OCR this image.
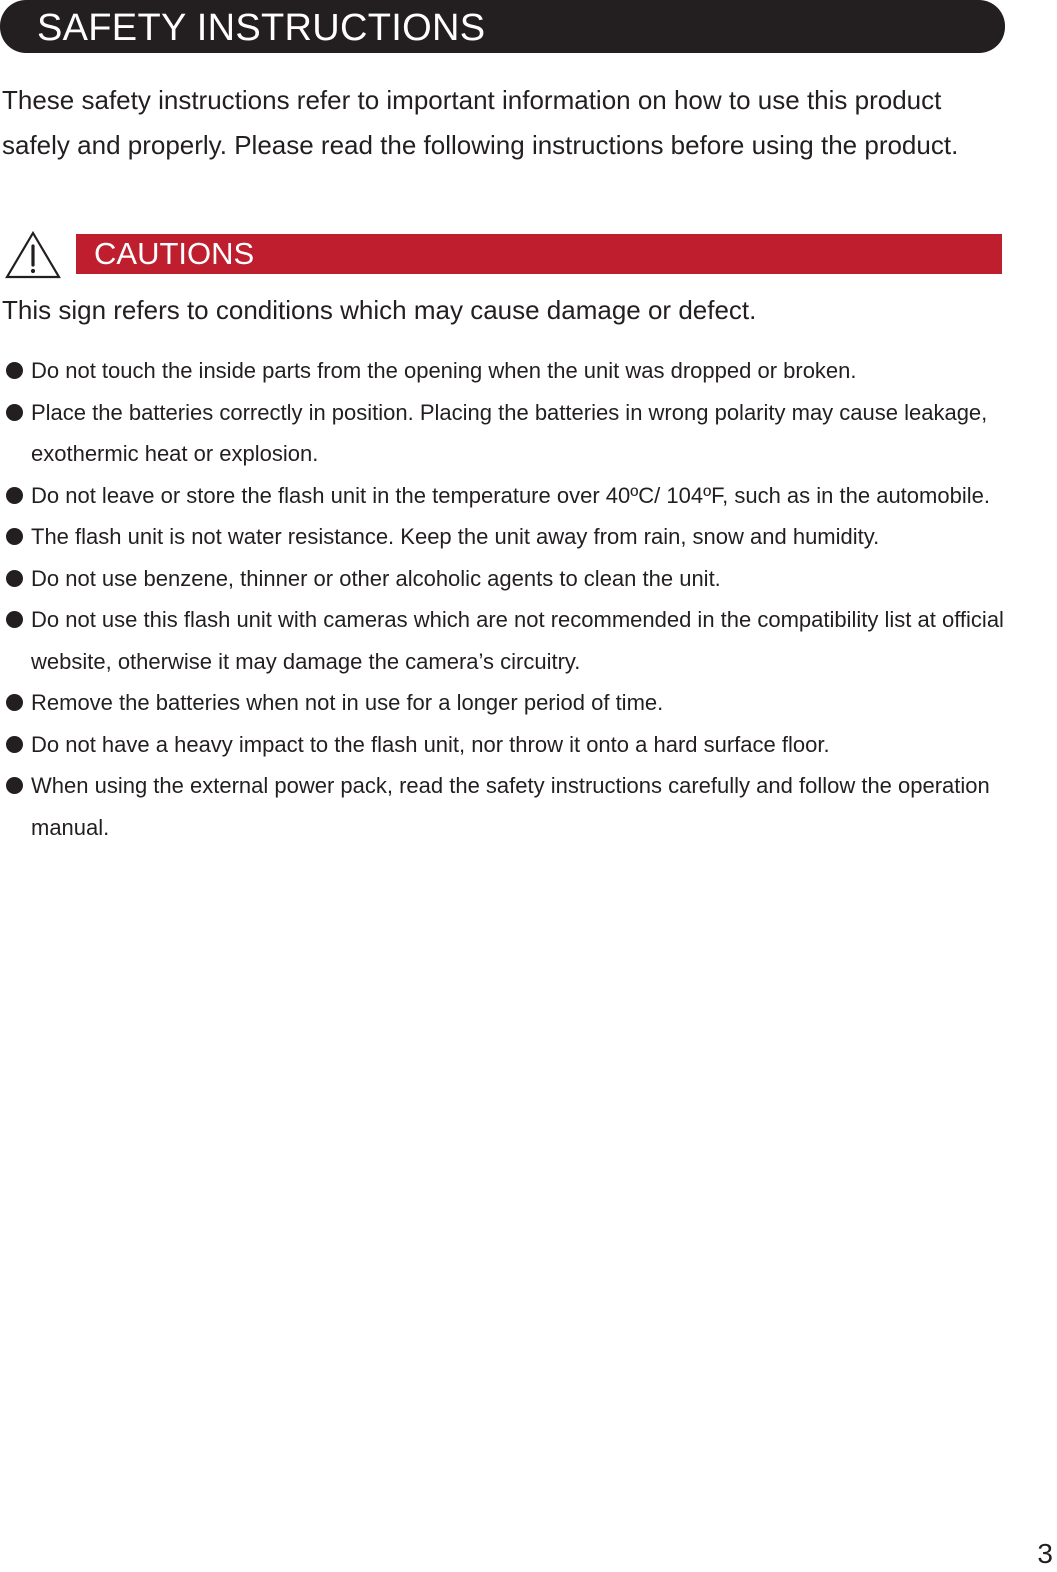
SAFETY INSTRUCTIONS
These safety instructions refer to important information on how to use this product safely and properly. Please read the following instructions before using the product.
CAUTIONS
This sign refers to conditions which may cause damage or defect.
Do not touch the inside parts from the opening when the unit was dropped or broken.
Place the batteries correctly in position. Placing the batteries in wrong polarity may cause leakage, exothermic heat or explosion.
Do not leave or store the flash unit in the temperature over 40ºC/ 104ºF, such as in the automobile.
The flash unit is not water resistance. Keep the unit away from rain, snow and humidity.
Do not use benzene, thinner or other alcoholic agents to clean the unit.
Do not use this flash unit with cameras which are not recommended in the compatibility list at official website, otherwise it may damage the camera’s circuitry.
Remove the batteries when not in use for a longer period of time.
Do not have a heavy impact to the flash unit, nor throw it onto a hard surface floor.
When using the external power pack, read the safety instructions carefully and follow the operation manual.
3
